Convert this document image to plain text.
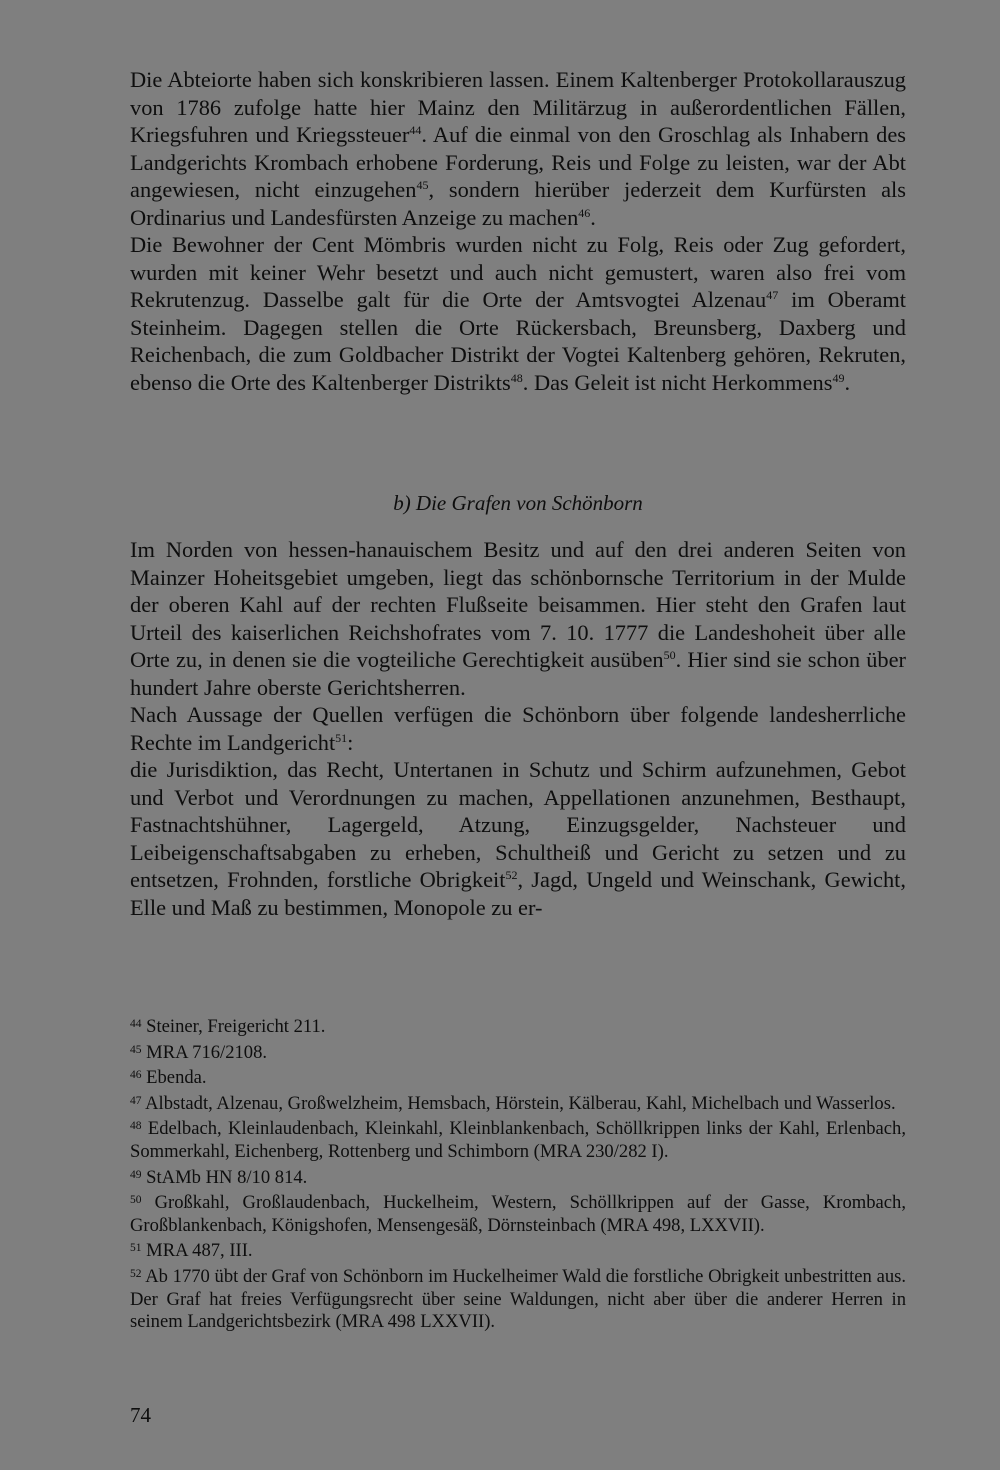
Die Abteiorte haben sich konskribieren lassen. Einem Kaltenberger Protokollarauszug von 1786 zufolge hatte hier Mainz den Militärzug in außerordentlichen Fällen, Kriegsfuhren und Kriegssteuer$^{44}$. Auf die einmal von den Groschlag als Inhabern des Landgerichts Krombach erhobene Forderung, Reis und Folge zu leisten, war der Abt angewiesen, nicht einzugehen$^{45}$, sondern hierüber jederzeit dem Kurfürsten als Ordinarius und Landesfürsten Anzeige zu machen$^{46}$.

Die Bewohner der Cent Mömbris wurden nicht zu Folg, Reis oder Zug gefordert, wurden mit keiner Wehr besetzt und auch nicht gemustert, waren also frei vom Rekrutenzug. Dasselbe galt für die Orte der Amtsvogtei Alzenau$^{47}$ im Oberamt Steinheim. Dagegen stellen die Orte Rückersbach, Breunsberg, Daxberg und Reichenbach, die zum Goldbacher Distrikt der Vogtei Kaltenberg gehören, Rekruten, ebenso die Orte des Kaltenberger Distrikts$^{48}$. Das Geleit ist nicht Herkommens$^{49}$.

b) Die Grafen von Schönborn

Im Norden von hessen-hanauischem Besitz und auf den drei anderen Seiten von Mainzer Hoheitsgebiet umgeben, liegt das schönbornsche Territorium in der Mulde der oberen Kahl auf der rechten Flußseite beisammen. Hier steht den Grafen laut Urteil des kaiserlichen Reichshofrates vom 7. 10. 1777 die Landeshoheit über alle Orte zu, in denen sie die vogteiliche Gerechtigkeit ausüben$^{50}$. Hier sind sie schon über hundert Jahre oberste Gerichtsherren.

Nach Aussage der Quellen verfügen die Schönborn über folgende landesherrliche Rechte im Landgericht$^{51}$:

die Jurisdiktion, das Recht, Untertanen in Schutz und Schirm aufzunehmen, Gebot und Verbot und Verordnungen zu machen, Appellationen anzunehmen, Besthaupt, Fastnachtshühner, Lagergeld, Atzung, Einzugsgelder, Nachsteuer und Leibeigenschaftsabgaben zu erheben, Schultheiß und Gericht zu setzen und zu entsetzen, Frohnden, forstliche Obrigkeit$^{52}$, Jagd, Ungeld und Weinschank, Gewicht, Elle und Maß zu bestimmen, Monopole zu er-

$^{44}$ Steiner, Freigericht 211.

$^{45}$ MRA 716/2108.

$^{46}$ Ebenda.

$^{47}$ Albstadt, Alzenau, Großwelzheim, Hemsbach, Hörstein, Kälberau, Kahl, Michelbach und Wasserlos.

$^{48}$ Edelbach, Kleinlaudenbach, Kleinkahl, Kleinblankenbach, Schöllkrippen links der Kahl, Erlenbach, Sommerkahl, Eichenberg, Rottenberg und Schimborn (MRA 230/282 I).

$^{49}$ StAMb HN 8/10 814.

$^{50}$ Großkahl, Großlaudenbach, Huckelheim, Western, Schöllkrippen auf der Gasse, Krombach, Großblankenbach, Königshofen, Mensengesäß, Dörnsteinbach (MRA 498, LXXVII).

$^{51}$ MRA 487, III.

$^{52}$ Ab 1770 übt der Graf von Schönborn im Huckelheimer Wald die forstliche Obrigkeit unbestritten aus. Der Graf hat freies Verfügungsrecht über seine Waldungen, nicht aber über die anderer Herren in seinem Landgerichtsbezirk (MRA 498 LXXVII).

74
